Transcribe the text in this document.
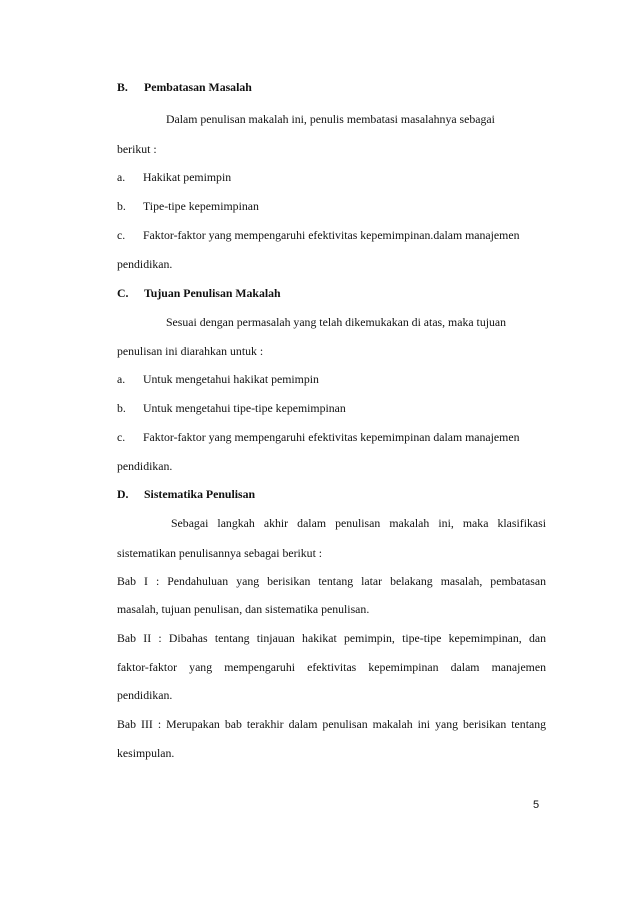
B. Pembatasan Masalah
Dalam penulisan makalah ini, penulis membatasi masalahnya sebagai
berikut :
a. Hakikat pemimpin
b. Tipe-tipe kepemimpinan
c. Faktor-faktor yang mempengaruhi efektivitas kepemimpinan.dalam manajemen
pendidikan.
C. Tujuan Penulisan Makalah
Sesuai dengan permasalah yang telah dikemukakan di atas, maka tujuan
penulisan ini diarahkan untuk :
a. Untuk mengetahui hakikat pemimpin
b. Untuk mengetahui tipe-tipe kepemimpinan
c. Faktor-faktor yang mempengaruhi efektivitas kepemimpinan dalam manajemen
pendidikan.
D. Sistematika Penulisan
Sebagai langkah akhir dalam penulisan makalah ini, maka klasifikasi
sistematikan penulisannya sebagai berikut :
Bab I : Pendahuluan yang berisikan tentang latar belakang masalah, pembatasan
masalah, tujuan penulisan, dan sistematika penulisan.
Bab II : Dibahas tentang tinjauan hakikat pemimpin, tipe-tipe kepemimpinan, dan
faktor-faktor yang mempengaruhi efektivitas kepemimpinan dalam manajemen
pendidikan.
Bab III : Merupakan bab terakhir dalam penulisan makalah ini yang berisikan tentang
kesimpulan.
5
